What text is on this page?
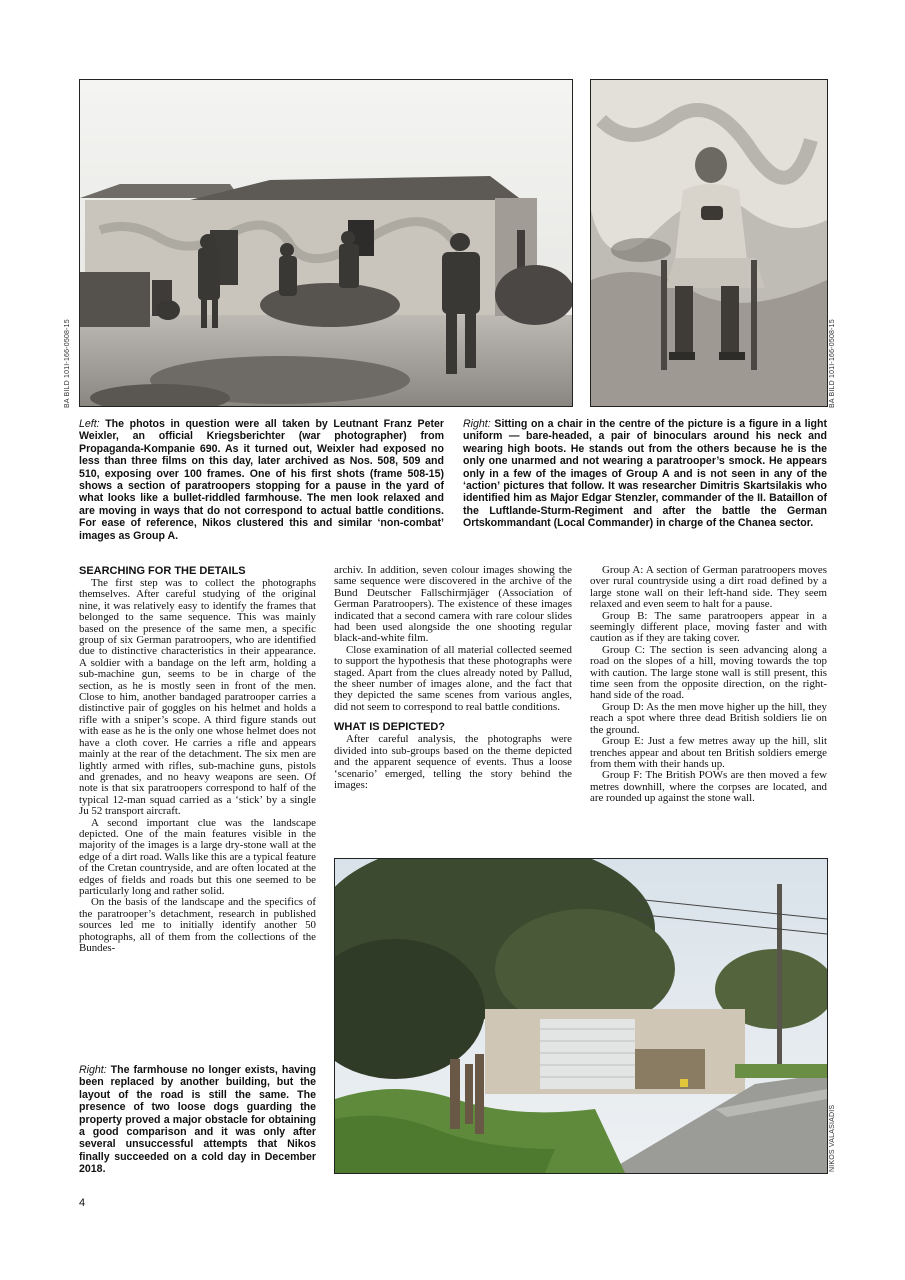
BA BILD 101I-166-0508-15	BA BILD 101I-166-0508-15

Left: The photos in question were all taken by Leutnant Franz Peter Weixler, an official Kriegsberichter (war photographer) from Propaganda-Kompanie 690. As it turned out, Weixler had exposed no less than three films on this day, later archived as Nos. 508, 509 and 510, exposing over 100 frames. One of his first shots (frame 508-15) shows a section of paratroopers stopping for a pause in the yard of what looks like a bullet-riddled farmhouse. The men look relaxed and are moving in ways that do not correspond to actual battle conditions. For ease of reference, Nikos clustered this and similar ‘non-combat’ images as Group A.

Right: Sitting on a chair in the centre of the picture is a figure in a light uniform — bare-headed, a pair of binoculars around his neck and wearing high boots. He stands out from the others because he is the only one unarmed and not wearing a paratrooper’s smock. He appears only in a few of the images of Group A and is not seen in any of the ‘action’ pictures that follow. It was researcher Dimitris Skartsilakis who identified him as Major Edgar Stenzler, commander of the II. Bataillon of the Luftlande-Sturm-Regiment and after the battle the German Ortskommandant (Local Commander) in charge of the Chanea sector.

SEARCHING FOR THE DETAILS

The first step was to collect the photographs themselves. After careful studying of the original nine, it was relatively easy to identify the frames that belonged to the same sequence. This was mainly based on the presence of the same men, a specific group of six German paratroopers, who are identified due to distinctive characteristics in their appearance. A soldier with a bandage on the left arm, holding a sub-machine gun, seems to be in charge of the section, as he is mostly seen in front of the men. Close to him, another bandaged paratrooper carries a distinctive pair of goggles on his helmet and holds a rifle with a sniper’s scope. A third figure stands out with ease as he is the only one whose helmet does not have a cloth cover. He carries a rifle and appears mainly at the rear of the detachment. The six men are lightly armed with rifles, sub-machine guns, pistols and grenades, and no heavy weapons are seen. Of note is that six paratroopers correspond to half of the typical 12-man squad carried as a ‘stick’ by a single Ju 52 transport aircraft.

A second important clue was the landscape depicted. One of the main features visible in the majority of the images is a large dry-stone wall at the edge of a dirt road. Walls like this are a typical feature of the Cretan countryside, and are often located at the edges of fields and roads but this one seemed to be particularly long and rather solid.

On the basis of the landscape and the specifics of the paratrooper’s detachment, research in published sources led me to initially identify another 50 photographs, all of them from the collections of the Bundes-

Right: The farmhouse no longer exists, having been replaced by another building, but the layout of the road is still the same. The presence of two loose dogs guarding the property proved a major obstacle for obtaining a good comparison and it was only after several unsuccessful attempts that Nikos finally succeeded on a cold day in December 2018.

archiv. In addition, seven colour images showing the same sequence were discovered in the archive of the Bund Deutscher Fallschirmjäger (Association of German Paratroopers). The existence of these images indicated that a second camera with rare colour slides had been used alongside the one shooting regular black-and-white film.

Close examination of all material collected seemed to support the hypothesis that these photographs were staged. Apart from the clues already noted by Pallud, the sheer number of images alone, and the fact that they depicted the same scenes from various angles, did not seem to correspond to real battle conditions.

WHAT IS DEPICTED?

After careful analysis, the photographs were divided into sub-groups based on the theme depicted and the apparent sequence of events. Thus a loose ‘scenario’ emerged, telling the story behind the images:

Group A: A section of German paratroopers moves over rural countryside using a dirt road defined by a large stone wall on their left-hand side. They seem relaxed and even seem to halt for a pause.

Group B: The same paratroopers appear in a seemingly different place, moving faster and with caution as if they are taking cover.

Group C: The section is seen advancing along a road on the slopes of a hill, moving towards the top with caution. The large stone wall is still present, this time seen from the opposite direction, on the right-hand side of the road.

Group D: As the men move higher up the hill, they reach a spot where three dead British soldiers lie on the ground.

Group E: Just a few metres away up the hill, slit trenches appear and about ten British soldiers emerge from them with their hands up.

Group F: The British POWs are then moved a few metres downhill, where the corpses are located, and are rounded up against the stone wall.

NIKOS VALASIADIS
4
